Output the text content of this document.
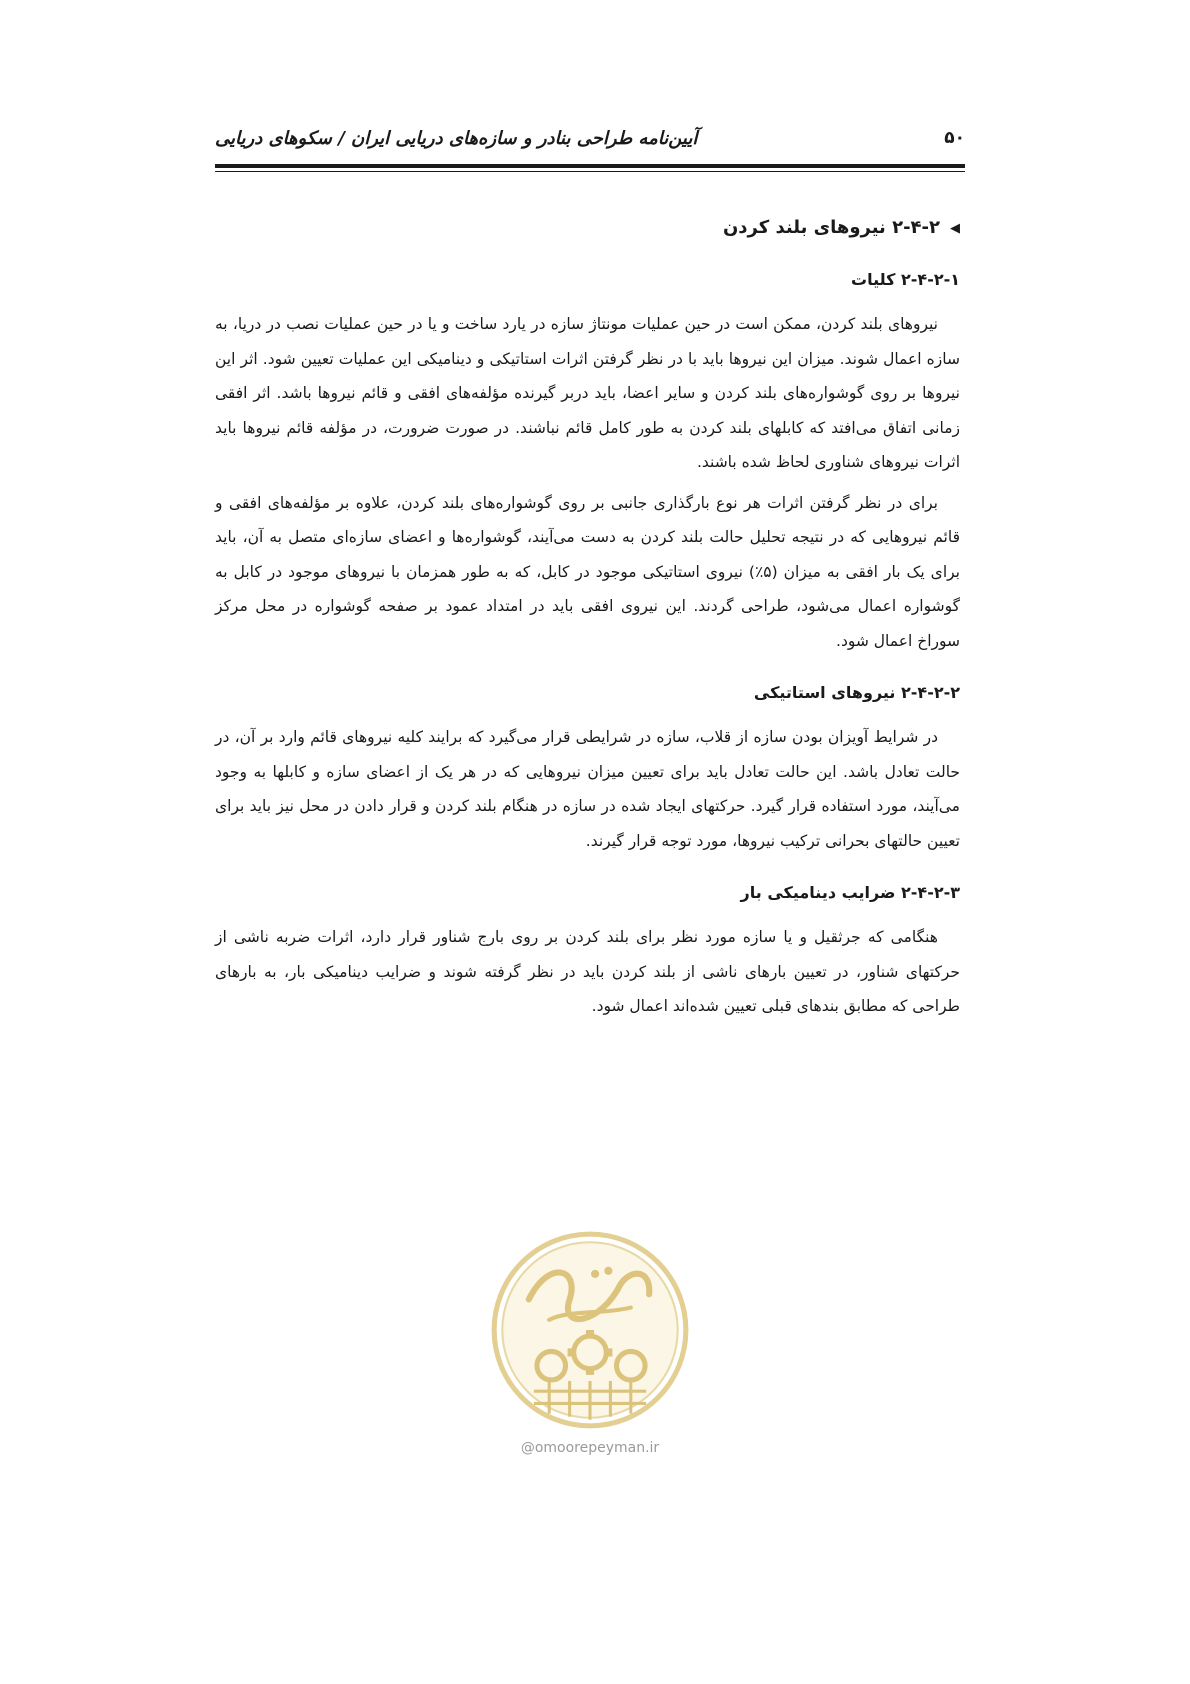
آیین‌نامه طراحی بنادر و سازه‌های دریایی ایران / سکوهای دریایی	۵۰
◀
۲-۴-۲ نیروهای بلند کردن
۲-۴-۲-۱ کلیات

نیروهای بلند کردن، ممکن است در حین عملیات مونتاژ سازه در یارد ساخت و یا در حین عملیات نصب در دریا، به سازه اعمال شوند. میزان این نیروها باید با در نظر گرفتن اثرات استاتیکی و دینامیکی این عملیات تعیین شود. اثر این نیروها بر روی گوشواره‌های بلند کردن و سایر اعضا، باید دربر گیرنده مؤلفه‌های افقی و قائم نیروها باشد. اثر افقی زمانی اتفاق می‌افتد که کابلهای بلند کردن به طور کامل قائم نباشند. در صورت ضرورت، در مؤلفه قائم نیروها باید اثرات نیروهای شناوری لحاظ شده باشند.

برای در نظر گرفتن اثرات هر نوع بارگذاری جانبی بر روی گوشواره‌های بلند کردن، علاوه بر مؤلفه‌های افقی و قائم نیروهایی که در نتیجه تحلیل حالت بلند کردن به دست می‌آیند، گوشواره‌ها و اعضای سازه‌ای متصل به آن، باید برای یک بار افقی به میزان (۵٪) نیروی استاتیکی موجود در کابل، که به طور همزمان با نیروهای موجود در کابل به گوشواره اعمال می‌شود، طراحی گردند. این نیروی افقی باید در امتداد عمود بر صفحه گوشواره در محل مرکز سوراخ اعمال شود.

۲-۴-۲-۲ نیروهای استاتیکی

در شرایط آویزان بودن سازه از قلاب، سازه در شرایطی قرار می‌گیرد که برایند کلیه نیروهای قائم وارد بر آن، در حالت تعادل باشد. این حالت تعادل باید برای تعیین میزان نیروهایی که در هر یک از اعضای سازه و کابلها به وجود می‌آیند، مورد استفاده قرار گیرد. حرکتهای ایجاد شده در سازه در هنگام بلند کردن و قرار دادن در محل نیز باید برای تعیین حالتهای بحرانی ترکیب نیروها، مورد توجه قرار گیرند.

۲-۴-۲-۳ ضرایب دینامیکی بار

هنگامی که جرثقیل و یا سازه مورد نظر برای بلند کردن بر روی بارج شناور قرار دارد، اثرات ضربه ناشی از حرکتهای شناور، در تعیین بارهای ناشی از بلند کردن باید در نظر گرفته شوند و ضرایب دینامیکی بار، به بارهای طراحی که مطابق بندهای قبلی تعیین شده‌اند اعمال شود.

@omoorepeyman.ir
